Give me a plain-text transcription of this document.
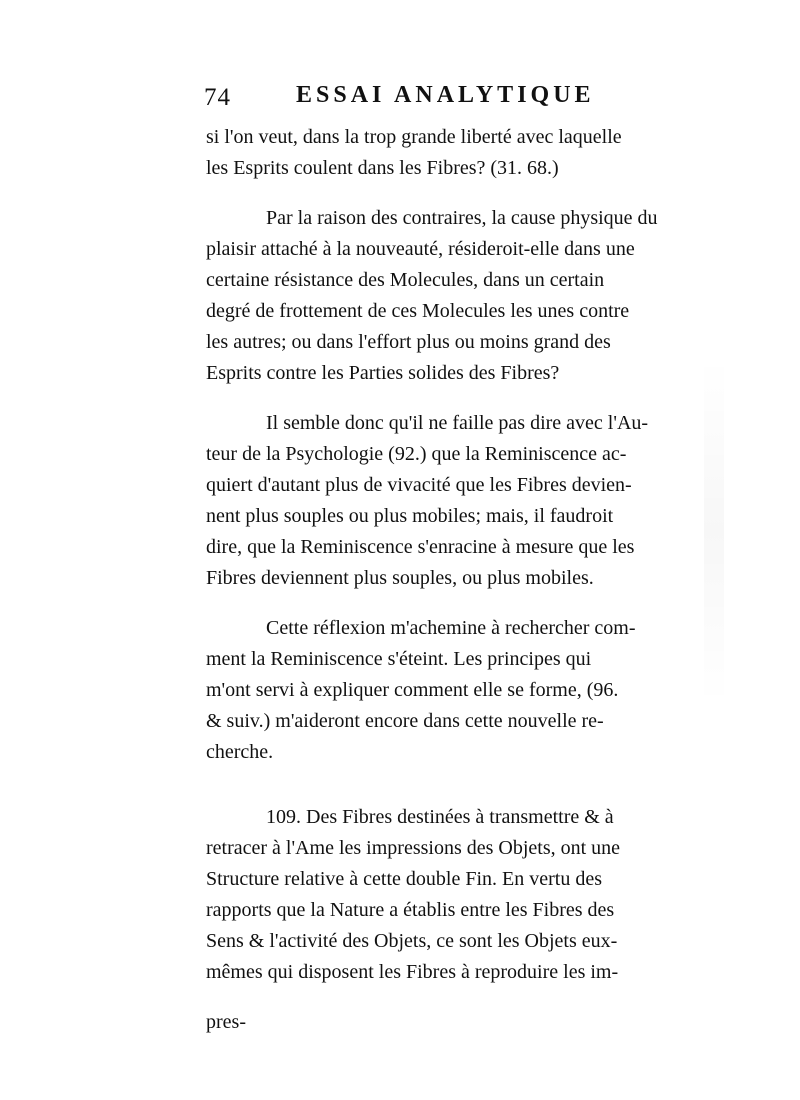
74	ESSAI ANALYTIQUE

si l'on veut, dans la trop grande liberté avec laquelle
les Esprits coulent dans les Fibres? (31. 68.)

Par la raison des contraires, la cause physique du
plaisir attaché à la nouveauté, résideroit-elle dans une
certaine résistance des Molecules, dans un certain
degré de frottement de ces Molecules les unes contre
les autres; ou dans l'effort plus ou moins grand des
Esprits contre les Parties solides des Fibres?

Il semble donc qu'il ne faille pas dire avec l'Au-
teur de la Psychologie (92.) que la Reminiscence ac-
quiert d'autant plus de vivacité que les Fibres devien-
nent plus souples ou plus mobiles; mais, il faudroit
dire, que la Reminiscence s'enracine à mesure que les
Fibres deviennent plus souples, ou plus mobiles.

Cette réflexion m'achemine à rechercher com-
ment la Reminiscence s'éteint. Les principes qui
m'ont servi à expliquer comment elle se forme, (96.
& suiv.) m'aideront encore dans cette nouvelle re-
cherche.

109. Des Fibres destinées à transmettre & à
retracer à l'Ame les impressions des Objets, ont une
Structure relative à cette double Fin. En vertu des
rapports que la Nature a établis entre les Fibres des
Sens & l'activité des Objets, ce sont les Objets eux-
mêmes qui disposent les Fibres à reproduire les im-

pres-
